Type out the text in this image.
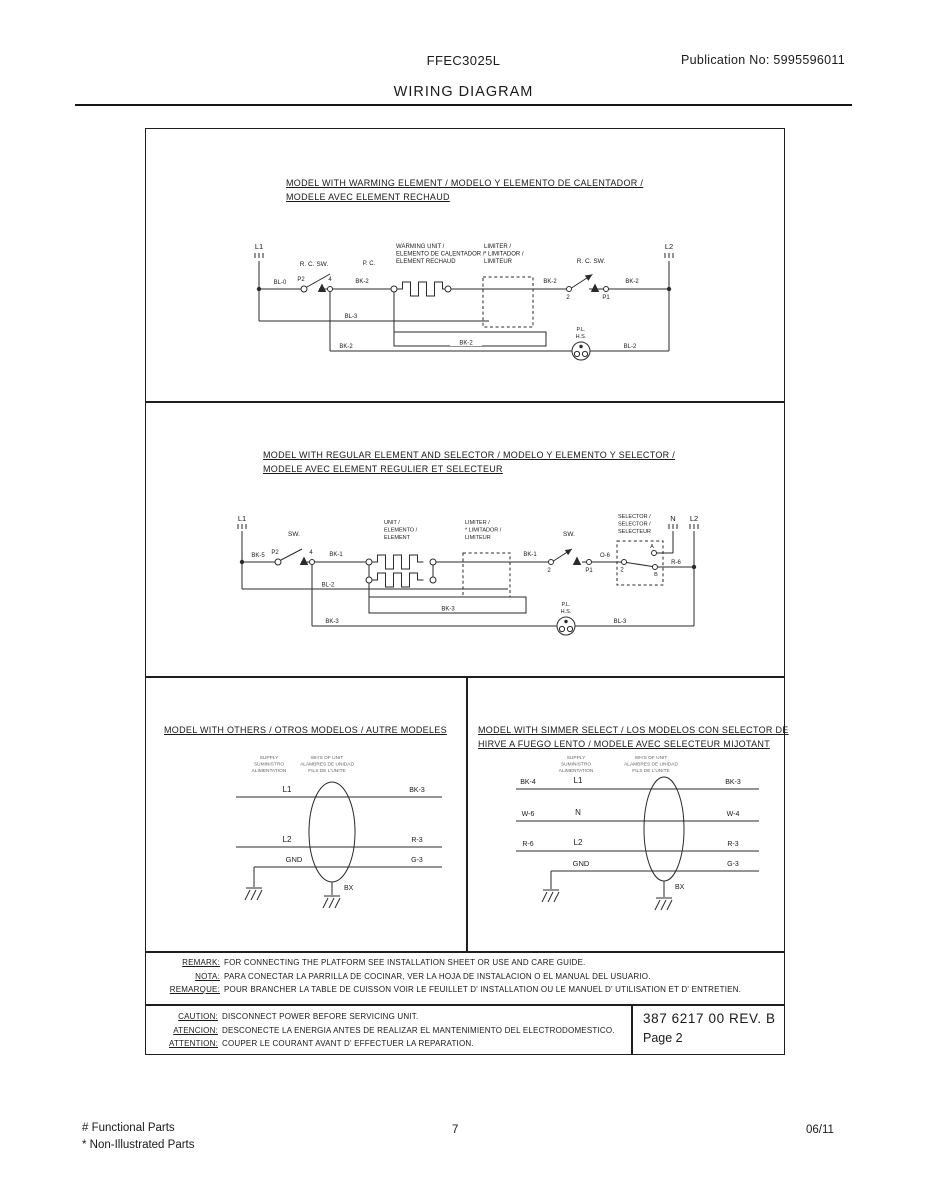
FFEC3025L	Publication No: 5995596011
WIRING DIAGRAM
MODEL WITH WARMING ELEMENT / MODELO Y ELEMENTO DE CALENTADOR /
MODELE AVEC ELEMENT RECHAUD
L1	L2
BL-0 P2
R. C. SW.
4	BK-2
P. C.
WARMING UNIT /
ELEMENTO DE CALENTADOR /
ELEMENT RECHAUD
LIMITER /
* LIMITADOR /
LIMITEUR
BK-2
2
R. C. SW.
P1
BK-2
BL-3
BK-2
BK-2
P.L.
H.S.
BL-2
MODEL WITH REGULAR ELEMENT AND SELECTOR / MODELO Y ELEMENTO Y SELECTOR /
MODELE AVEC ELEMENT REGULIER ET SELECTEUR
L1	N L2
BK-5 P2
SW.
4	BK-1
UNIT /
ELEMENTO /
ELEMENT
LIMITER /
* LIMITADOR /
LIMITEUR
BK-1
2
SW.
P1
O-6
SELECTOR /
SELECTOR /
SELECTEUR
2
A
B
R-6
BL-2
BK-3
BK-3
P.L.
H.S.
BL-3
MODEL WITH OTHERS / OTROS MODELOS / AUTRE MODELES
SUPPLY
SUMINISTRO
ALIMENTATION
WH'S OF UNIT
ALAMBRES DE UNIDAD
FILS DE L'UNITE
L1	BK-3
L2	R-3
GND	G-3
BX
MODEL WITH SIMMER SELECT / LOS MODELOS CON SELECTOR DE
HIRVE A FUEGO LENTO / MODELE AVEC SELECTEUR MIJOTANT
SUPPLY
SUMINISTRO
ALIMENTATION
WH'S OF UNIT
ALAMBRES DE UNIDAD
FILS DE L'UNITE
BK-4	L1	BK-3
W-6	N	W-4
R-6	L2	R-3
GND	G-3
BX
REMARK: FOR CONNECTING THE PLATFORM SEE INSTALLATION SHEET OR USE AND CARE GUIDE.
NOTA: PARA CONECTAR LA PARRILLA DE COCINAR, VER LA HOJA DE INSTALACION O EL MANUAL DEL USUARIO.
REMARQUE: POUR BRANCHER LA TABLE DE CUISSON VOIR LE FEUILLET D' INSTALLATION OU LE MANUEL D' UTILISATION ET D' ENTRETIEN.
CAUTION: DISCONNECT POWER BEFORE SERVICING UNIT.
ATENCION: DESCONECTE LA ENERGIA ANTES DE REALIZAR EL MANTENIMIENTO DEL ELECTRODOMESTICO.
ATTENTION: COUPER LE COURANT AVANT D' EFFECTUER LA REPARATION.
387 6217 00 REV. B
Page 2
# Functional Parts
* Non-Illustrated Parts
7	06/11
